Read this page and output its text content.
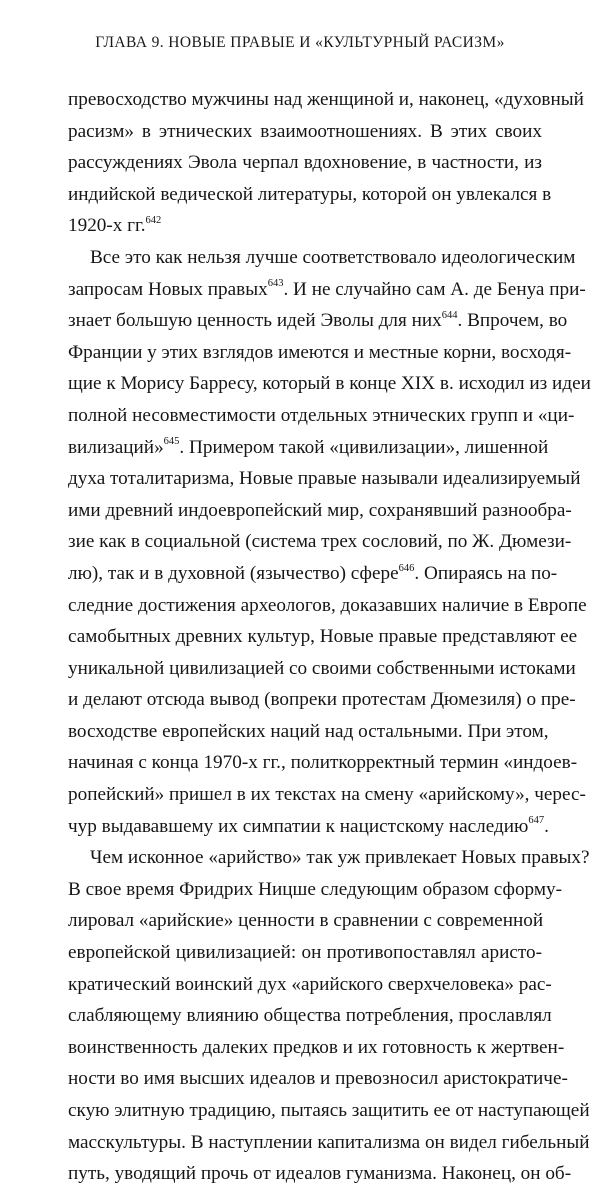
ГЛАВА 9. НОВЫЕ ПРАВЫЕ И «КУЛЬТУРНЫЙ РАСИЗМ»

превосходство мужчины над женщиной и, наконец, «духовный
расизм» в этнических взаимоотношениях. В этих своих
рассуждениях Эвола черпал вдохновение, в частности, из
индийской ведической литературы, которой он увлекался в
1920-х гг.$^{642}$

Все это как нельзя лучше соответствовало идеологическим
запросам Новых правых$^{643}$. И не случайно сам А. де Бенуа при-
знает большую ценность идей Эволы для них$^{644}$. Впрочем, во
Франции у этих взглядов имеются и местные корни, восходя-
щие к Морису Барресу, который в конце XIX в. исходил из идеи
полной несовместимости отдельных этнических групп и «ци-
вилизаций»$^{645}$. Примером такой «цивилизации», лишенной
духа тоталитаризма, Новые правые называли идеализируемый
ими древний индоевропейский мир, сохранявший разнообра-
зие как в социальной (система трех сословий, по Ж. Дюмези-
лю), так и в духовной (язычество) сфере$^{646}$. Опираясь на по-
следние достижения археологов, доказавших наличие в Европе
самобытных древних культур, Новые правые представляют ее
уникальной цивилизацией со своими собственными истоками
и делают отсюда вывод (вопреки протестам Дюмезиля) о пре-
восходстве европейских наций над остальными. При этом,
начиная с конца 1970-х гг., политкорректный термин «индоев-
ропейский» пришел в их текстах на смену «арийскому», черес-
чур выдававшему их симпатии к нацистскому наследию$^{647}$.

Чем исконное «арийство» так уж привлекает Новых правых?
В свое время Фридрих Ницше следующим образом сформу-
лировал «арийские» ценности в сравнении с современной
европейской цивилизацией: он противопоставлял аристо-
кратический воинский дух «арийского сверхчеловека» рас-
слабляющему влиянию общества потребления, прославлял
воинственность далеких предков и их готовность к жертвен-
ности во имя высших идеалов и превозносил аристократиче-
скую элитную традицию, пытаясь защитить ее от наступающей
масскультуры. В наступлении капитализма он видел гибельный
путь, уводящий прочь от идеалов гуманизма. Наконец, он об-
